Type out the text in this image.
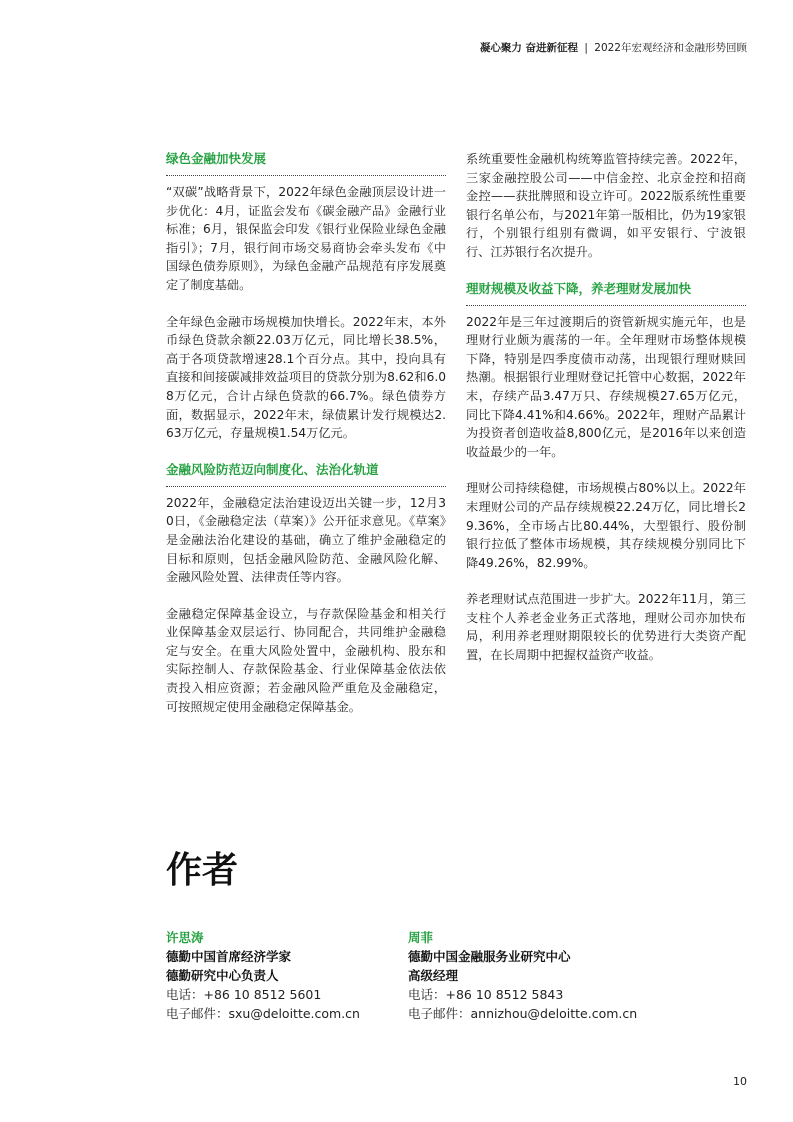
凝心聚力 奋进新征程 | 2022年宏观经济和金融形势回顾
绿色金融加快发展

“双碳”战略背景下，2022年绿色金融顶层设计进一步优化：4月，证监会发布《碳金融产品》金融行业标准；6月，银保监会印发《银行业保险业绿色金融指引》；7月，银行间市场交易商协会牵头发布《中国绿色债券原则》，为绿色金融产品规范有序发展奠定了制度基础。

全年绿色金融市场规模加快增长。2022年末，本外币绿色贷款余额22.03万亿元，同比增长38.5%，高于各项贷款增速28.1个百分点。其中，投向具有直接和间接碳减排效益项目的贷款分别为8.62和6.08万亿元，合计占绿色贷款的66.7%。绿色债券方面，数据显示，2022年末，绿债累计发行规模达2.63万亿元，存量规模1.54万亿元。

金融风险防范迈向制度化、法治化轨道

2022年，金融稳定法治建设迈出关键一步，12月30日，《金融稳定法（草案）》公开征求意见。《草案》是金融法治化建设的基础，确立了维护金融稳定的目标和原则，包括金融风险防范、金融风险化解、金融风险处置、法律责任等内容。

金融稳定保障基金设立，与存款保险基金和相关行业保障基金双层运行、协同配合，共同维护金融稳定与安全。在重大风险处置中，金融机构、股东和实际控制人、存款保险基金、行业保障基金依法依责投入相应资源；若金融风险严重危及金融稳定，可按照规定使用金融稳定保障基金。

系统重要性金融机构统筹监管持续完善。2022年，三家金融控股公司——中信金控、北京金控和招商金控——获批牌照和设立许可。2022版系统性重要银行名单公布，与2021年第一版相比，仍为19家银行，个别银行组别有微调，如平安银行、宁波银行、江苏银行名次提升。

理财规模及收益下降，养老理财发展加快

2022年是三年过渡期后的资管新规实施元年，也是理财行业颇为震荡的一年。全年理财市场整体规模下降，特别是四季度债市动荡，出现银行理财赎回热潮。根据银行业理财登记托管中心数据，2022年末，存续产品3.47万只、存续规模27.65万亿元，同比下降4.41%和4.66%。2022年，理财产品累计为投资者创造收益8,800亿元，是2016年以来创造收益最少的一年。

理财公司持续稳健，市场规模占80%以上。2022年末理财公司的产品存续规模22.24万亿，同比增长29.36%，全市场占比80.44%，大型银行、股份制银行拉低了整体市场规模，其存续规模分别同比下降49.26%，82.99%。

养老理财试点范围进一步扩大。2022年11月，第三支柱个人养老金业务正式落地，理财公司亦加快布局，利用养老理财期限较长的优势进行大类资产配置，在长周期中把握权益资产收益。

作者
许思涛
德勤中国首席经济学家
德勤研究中心负责人
电话：+86 10 8512 5601
电子邮件：sxu@deloitte.com.cn
周菲
德勤中国金融服务业研究中心
高级经理
电话：+86 10 8512 5843
电子邮件：annizhou@deloitte.com.cn
10
